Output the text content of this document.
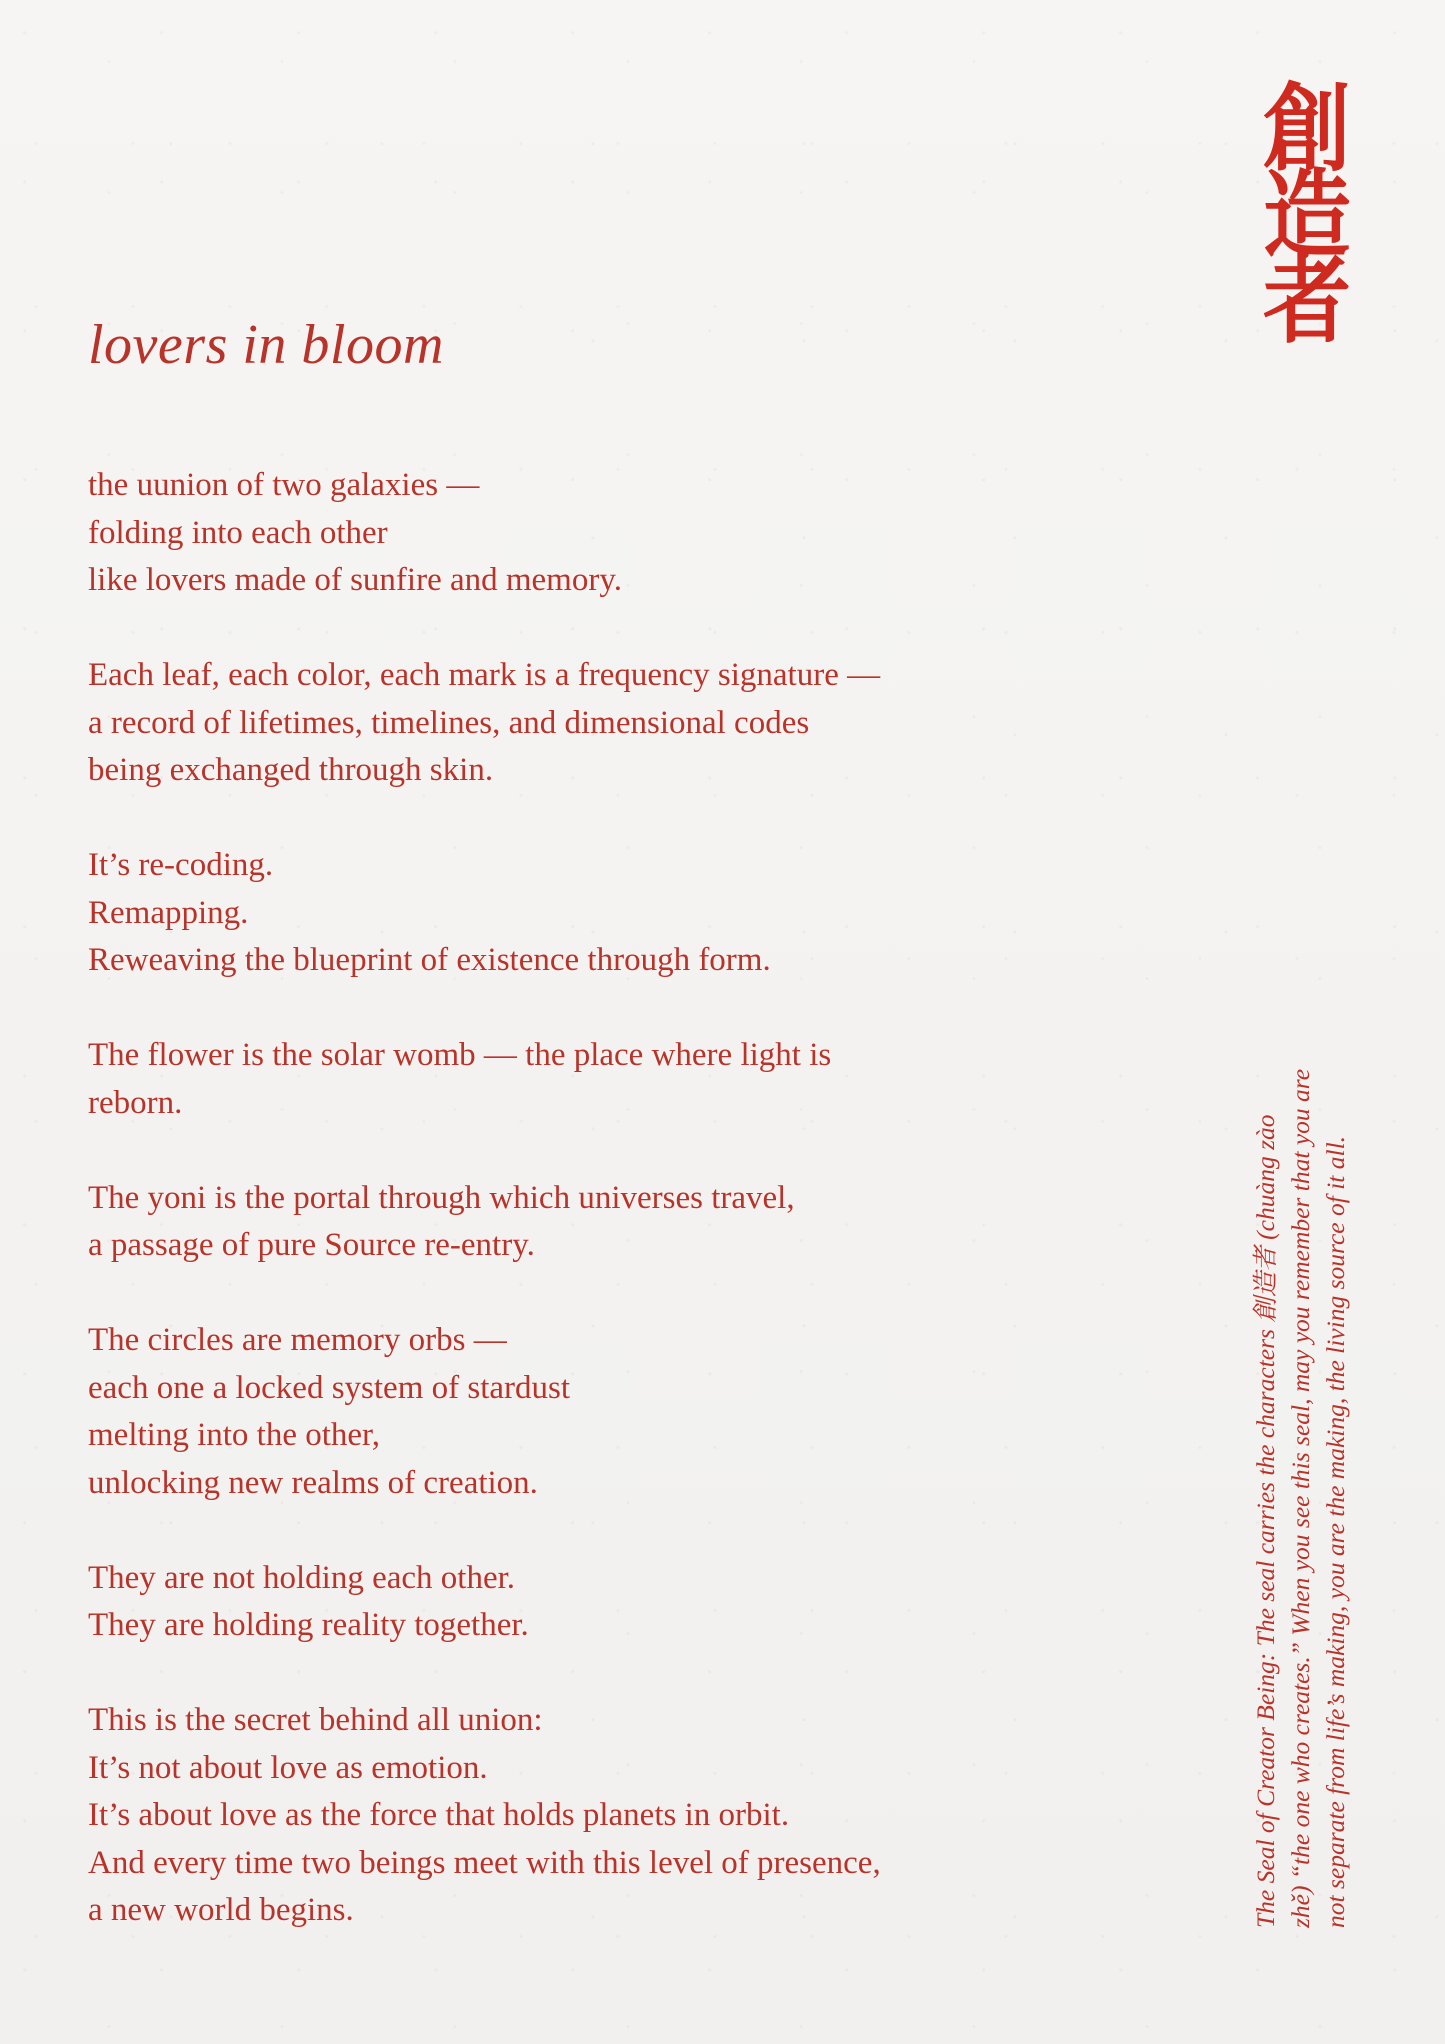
創
造
者
lovers in bloom

the uunion of two galaxies —
folding into each other
like lovers made of sunfire and memory.

Each leaf, each color, each mark is a frequency signature —
a record of lifetimes, timelines, and dimensional codes
being exchanged through skin.

It’s re-coding.
Remapping.
Reweaving the blueprint of existence through form.

The flower is the solar womb — the place where light is
reborn.

The yoni is the portal through which universes travel,
a passage of pure Source re-entry.

The circles are memory orbs —
each one a locked system of stardust
melting into the other,
unlocking new realms of creation.

They are not holding each other.
They are holding reality together.

This is the secret behind all union:
It’s not about love as emotion.
It’s about love as the force that holds planets in orbit.
And every time two beings meet with this level of presence,
a new world begins.	The Seal of Creator Being: The seal carries the characters 創造者 (chuàng zào zhě) “the one who creates.” When you see this seal, may you remember that you are not separate from life’s making, you are the making, the living source of it all.
